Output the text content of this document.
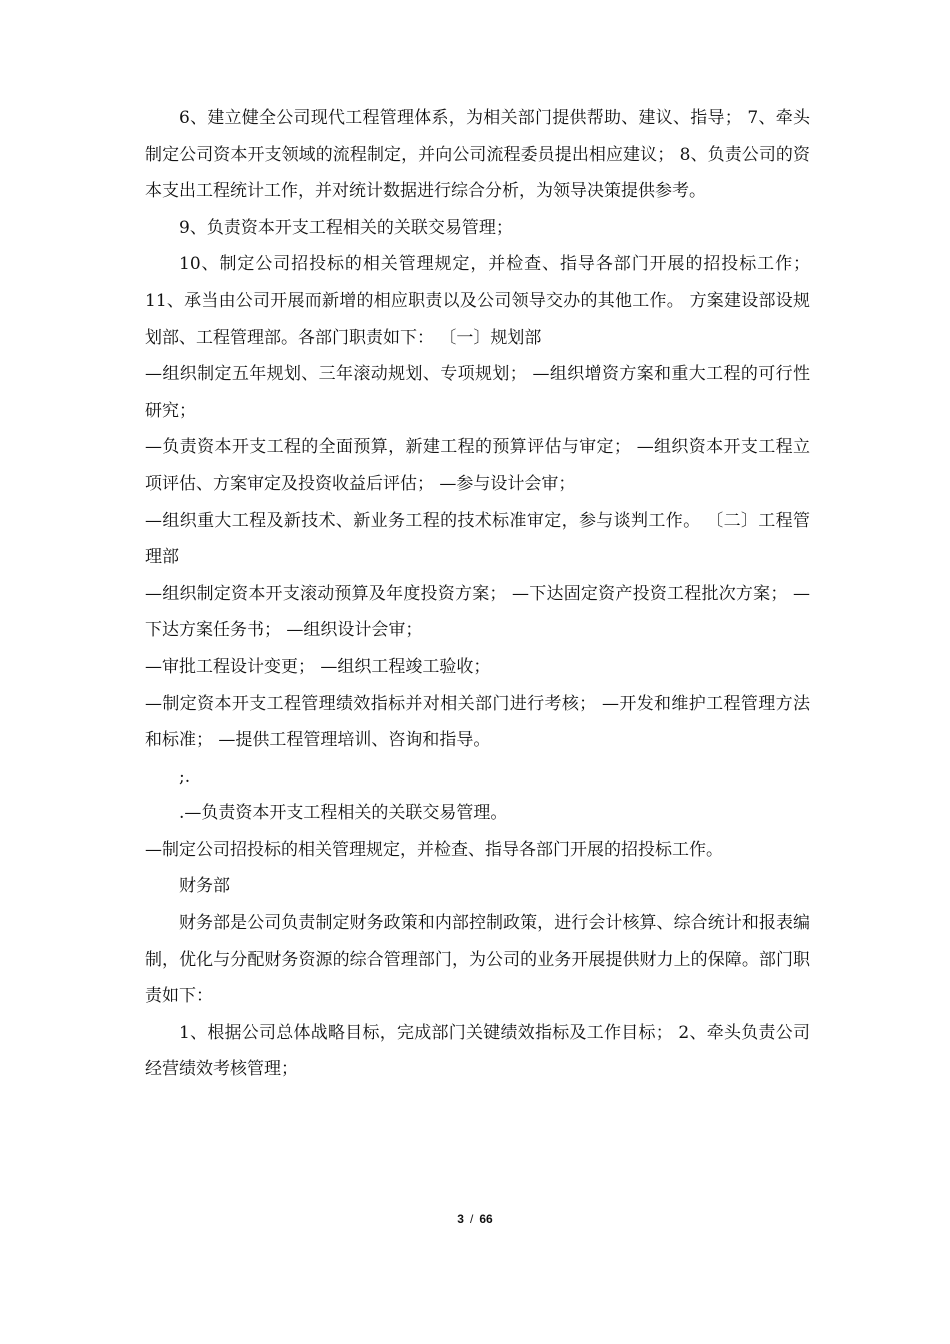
6、建立健全公司现代工程管理体系，为相关部门提供帮助、建议、指导； 7、牵头制定公司资本开支领域的流程制定，并向公司流程委员提出相应建议； 8、负责公司的资本支出工程统计工作，并对统计数据进行综合分析，为领导决策提供参考。

9、负责资本开支工程相关的关联交易管理；

10、制定公司招投标的相关管理规定，并检查、指导各部门开展的招投标工作； 11、承当由公司开展而新增的相应职责以及公司领导交办的其他工作。 方案建设部设规划部、工程管理部。各部门职责如下： 〔一〕规划部

—组织制定五年规划、三年滚动规划、专项规划； —组织增资方案和重大工程的可行性研究；

—负责资本开支工程的全面预算，新建工程的预算评估与审定； —组织资本开支工程立项评估、方案审定及投资收益后评估； —参与设计会审；

—组织重大工程及新技术、新业务工程的技术标准审定，参与谈判工作。 〔二〕工程管理部

—组织制定资本开支滚动预算及年度投资方案； —下达固定资产投资工程批次方案； —下达方案任务书； —组织设计会审；

—审批工程设计变更； —组织工程竣工验收；

—制定资本开支工程管理绩效指标并对相关部门进行考核； —开发和维护工程管理方法和标准； —提供工程管理培训、咨询和指导。

;.

.—负责资本开支工程相关的关联交易管理。

—制定公司招投标的相关管理规定，并检查、指导各部门开展的招投标工作。

财务部

财务部是公司负责制定财务政策和内部控制政策，进行会计核算、综合统计和报表编制，优化与分配财务资源的综合管理部门，为公司的业务开展提供财力上的保障。部门职责如下：

1、根据公司总体战略目标，完成部门关键绩效指标及工作目标； 2、牵头负责公司经营绩效考核管理；

3 / 66
